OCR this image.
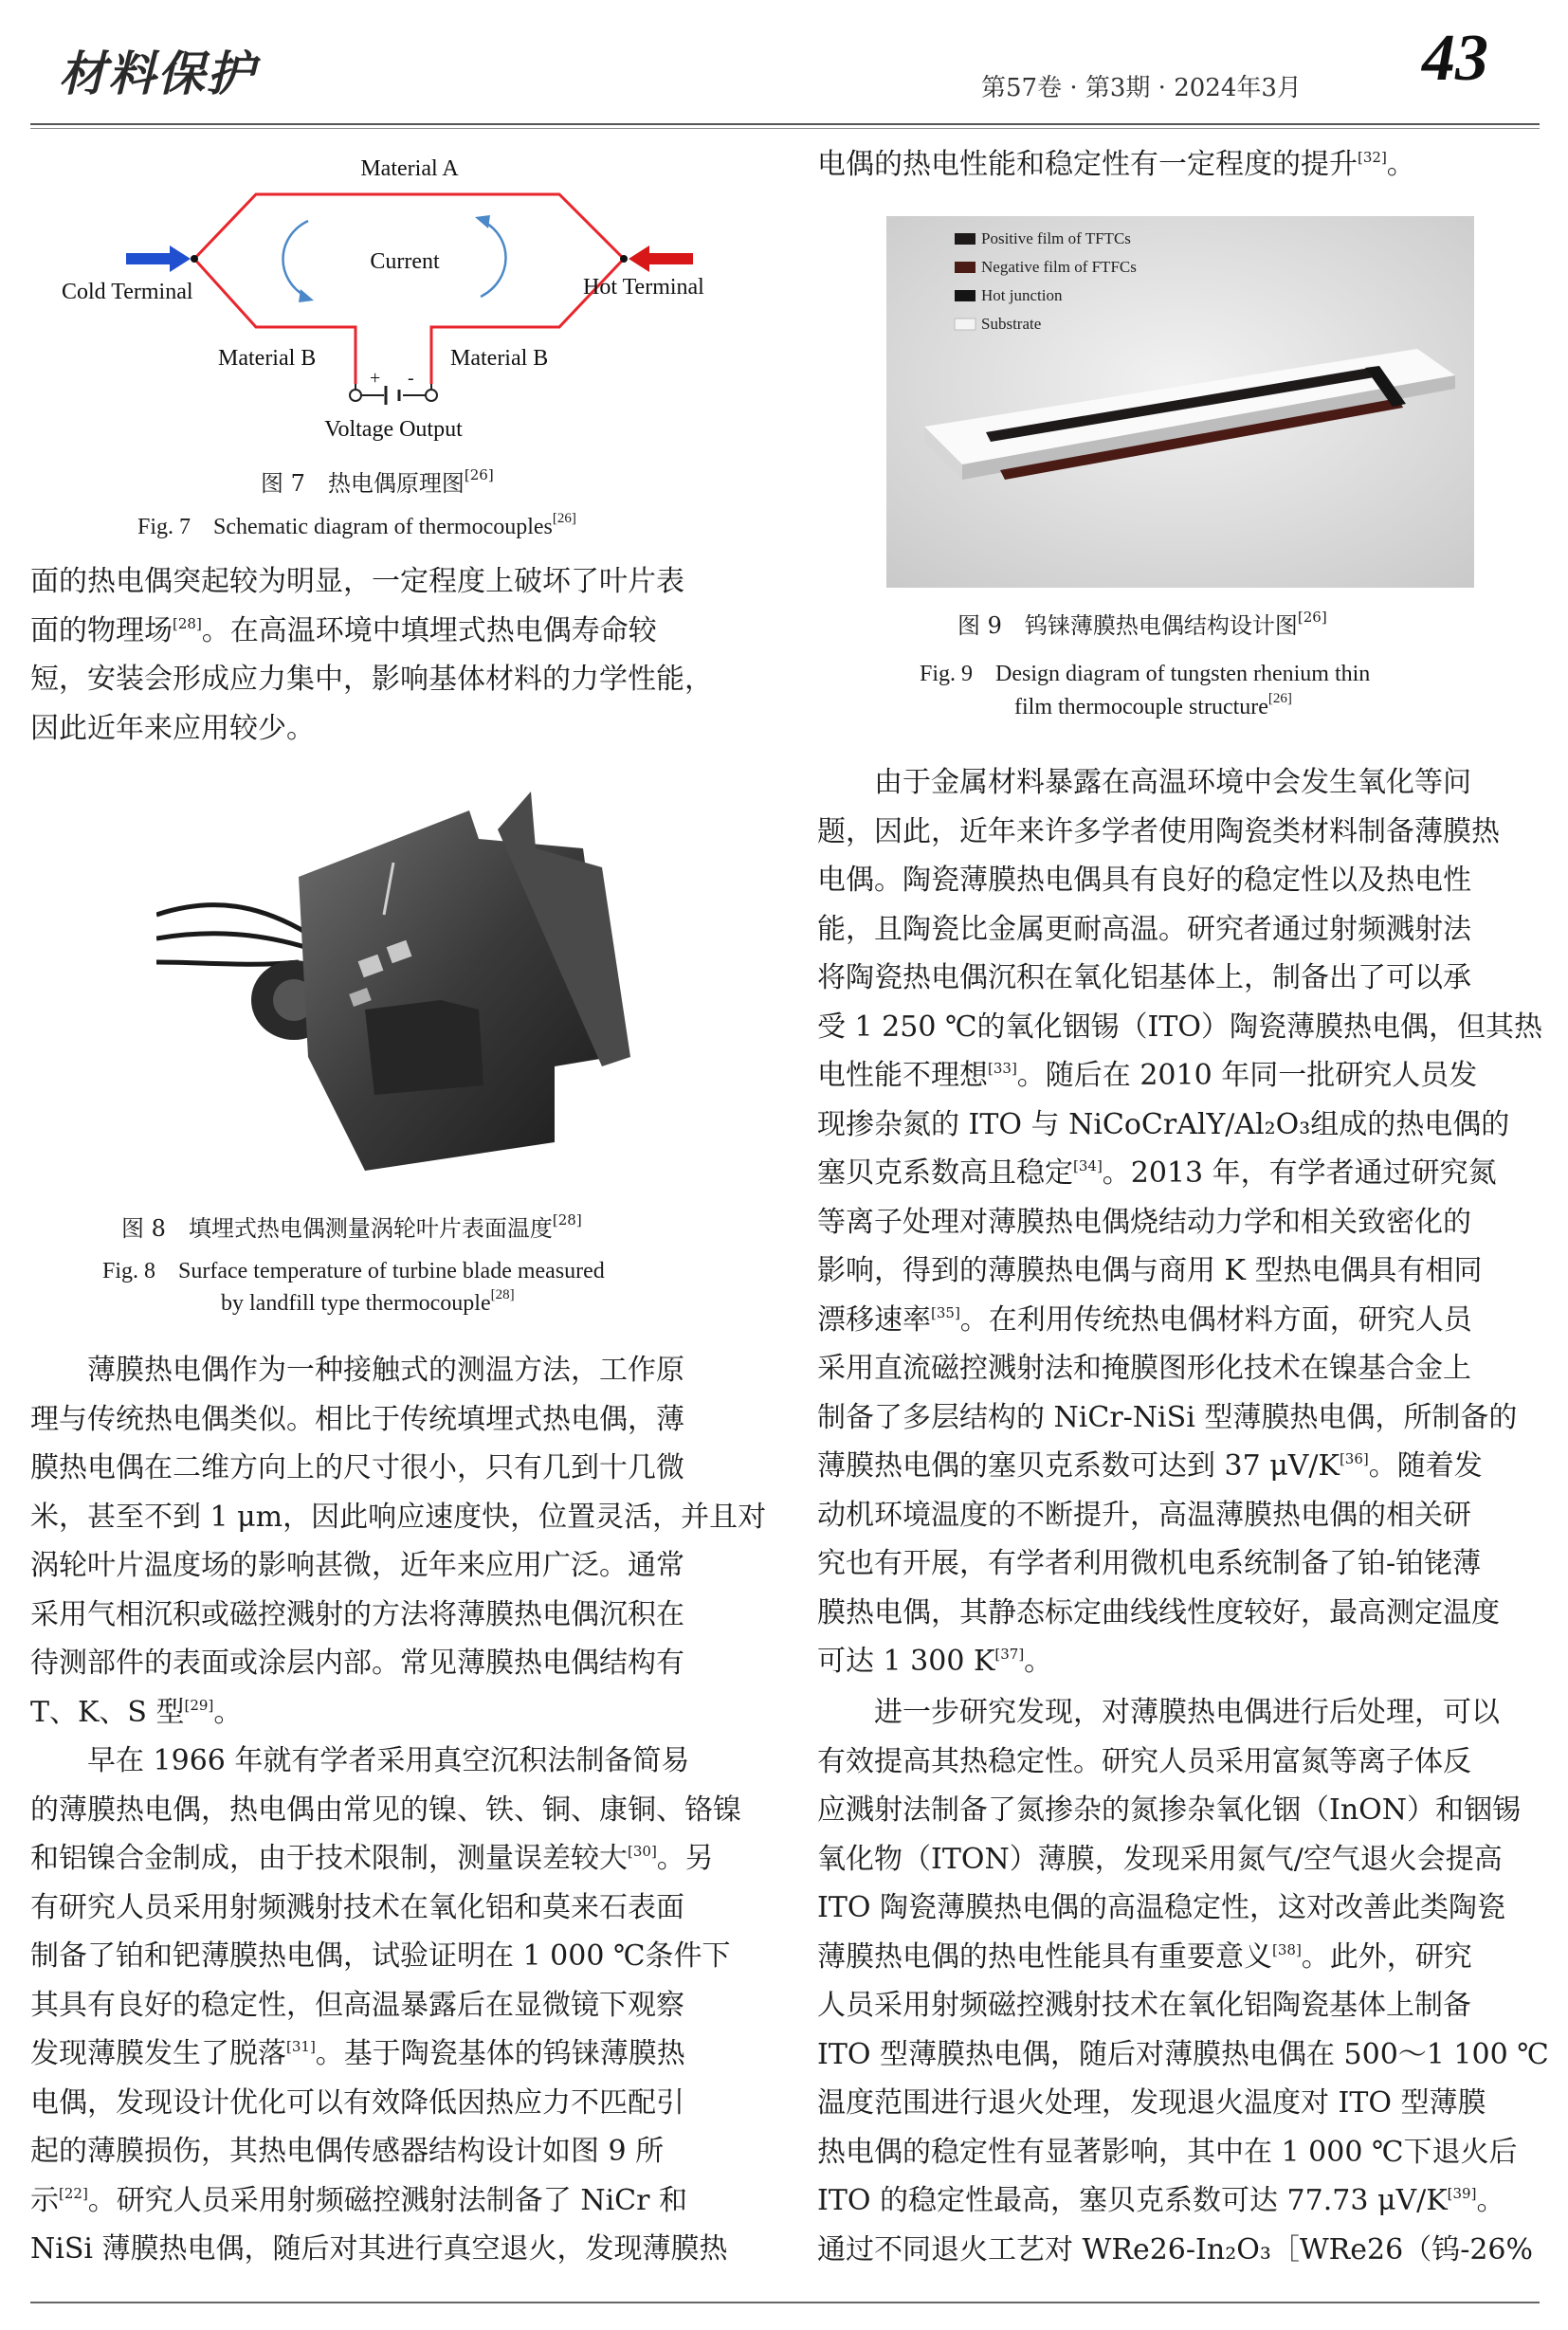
材料保护	第57卷 · 第3期 · 2024年3月 43
Material A
Current
Cold Terminal	Hot Terminal
Material B	Material B
+ -
Voltage Output
图 7　热电偶原理图[26]
Fig. 7　Schematic diagram of thermocouples[26]
面的热电偶突起较为明显，一定程度上破坏了叶片表
面的物理场[28]。在高温环境中填埋式热电偶寿命较
短，安装会形成应力集中，影响基体材料的力学性能，
因此近年来应用较少。
图 8　填埋式热电偶测量涡轮叶片表面温度[28]
Fig. 8　Surface temperature of turbine blade measured
by landfill type thermocouple[28]
　　薄膜热电偶作为一种接触式的测温方法，工作原
理与传统热电偶类似。相比于传统填埋式热电偶，薄
膜热电偶在二维方向上的尺寸很小，只有几到十几微
米，甚至不到 1 μm，因此响应速度快，位置灵活，并且对
涡轮叶片温度场的影响甚微，近年来应用广泛。通常
采用气相沉积或磁控溅射的方法将薄膜热电偶沉积在
待测部件的表面或涂层内部。常见薄膜热电偶结构有
T、K、S 型[29]。
　　早在 1966 年就有学者采用真空沉积法制备简易
的薄膜热电偶，热电偶由常见的镍、铁、铜、康铜、铬镍
和铝镍合金制成，由于技术限制，测量误差较大[30]。另
有研究人员采用射频溅射技术在氧化铝和莫来石表面
制备了铂和钯薄膜热电偶，试验证明在 1 000 ℃条件下
其具有良好的稳定性，但高温暴露后在显微镜下观察
发现薄膜发生了脱落[31]。基于陶瓷基体的钨铼薄膜热
电偶，发现设计优化可以有效降低因热应力不匹配引
起的薄膜损伤，其热电偶传感器结构设计如图 9 所
示[22]。研究人员采用射频磁控溅射法制备了 NiCr 和
NiSi 薄膜热电偶，随后对其进行真空退火，发现薄膜热
电偶的热电性能和稳定性有一定程度的提升[32]。
Positive film of TFTCs
Negative film of FTFCs
Hot junction
Substrate
图 9　钨铼薄膜热电偶结构设计图[26]
Fig. 9　Design diagram of tungsten rhenium thin
film thermocouple structure[26]
　　由于金属材料暴露在高温环境中会发生氧化等问
题，因此，近年来许多学者使用陶瓷类材料制备薄膜热
电偶。陶瓷薄膜热电偶具有良好的稳定性以及热电性
能，且陶瓷比金属更耐高温。研究者通过射频溅射法
将陶瓷热电偶沉积在氧化铝基体上，制备出了可以承
受 1 250 ℃的氧化铟锡（ITO）陶瓷薄膜热电偶，但其热
电性能不理想[33]。随后在 2010 年同一批研究人员发
现掺杂氮的 ITO 与 NiCoCrAlY/Al₂O₃组成的热电偶的
塞贝克系数高且稳定[34]。2013 年，有学者通过研究氮
等离子处理对薄膜热电偶烧结动力学和相关致密化的
影响，得到的薄膜热电偶与商用 K 型热电偶具有相同
漂移速率[35]。在利用传统热电偶材料方面，研究人员
采用直流磁控溅射法和掩膜图形化技术在镍基合金上
制备了多层结构的 NiCr-NiSi 型薄膜热电偶，所制备的
薄膜热电偶的塞贝克系数可达到 37 μV/K[36]。随着发
动机环境温度的不断提升，高温薄膜热电偶的相关研
究也有开展，有学者利用微机电系统制备了铂-铂铑薄
膜热电偶，其静态标定曲线线性度较好，最高测定温度
可达 1 300 K[37]。
　　进一步研究发现，对薄膜热电偶进行后处理，可以
有效提高其热稳定性。研究人员采用富氮等离子体反
应溅射法制备了氮掺杂的氮掺杂氧化铟（InON）和铟锡
氧化物（ITON）薄膜，发现采用氮气/空气退火会提高
ITO 陶瓷薄膜热电偶的高温稳定性，这对改善此类陶瓷
薄膜热电偶的热电性能具有重要意义[38]。此外，研究
人员采用射频磁控溅射技术在氧化铝陶瓷基体上制备
ITO 型薄膜热电偶，随后对薄膜热电偶在 500～1 100 ℃
温度范围进行退火处理，发现退火温度对 ITO 型薄膜
热电偶的稳定性有显著影响，其中在 1 000 ℃下退火后
ITO 的稳定性最高，塞贝克系数可达 77.73 μV/K[39]。
通过不同退火工艺对 WRe26-In₂O₃［WRe26（钨-26%
